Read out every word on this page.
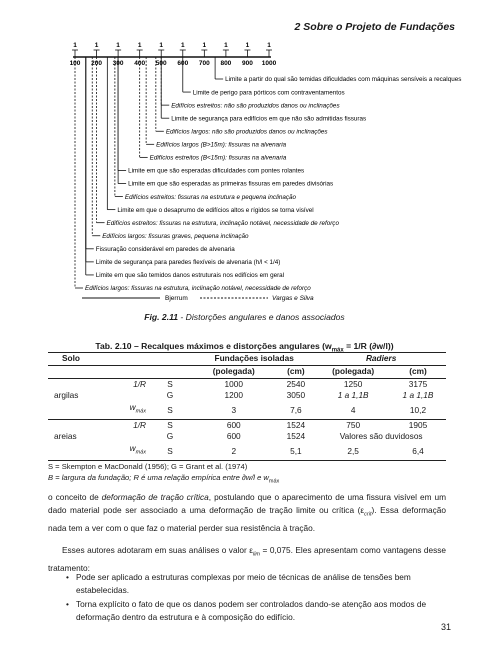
2 Sobre o Projeto de Fundações
1
100
1
200
1
300
1
400
1
500
1
600
1
700
1
800
1
900
1
1000
Limite a partir do qual são temidas dificuldades com máquinas sensíveis a recalques
Limite de perigo para pórticos com contraventamentos
Edifícios estreitos: não são produzidos danos ou inclinações
Limite de segurança para edifícios em que não são admitidas fissuras
Edifícios largos: não são produzidos danos ou inclinações
Edifícios largos (B>15m): fissuras na alvenaria
Edifícios estreitos (B<15m): fissuras na alvenaria
Limite em que são esperadas dificuldades com pontes rolantes
Limite em que são esperadas as primeiras fissuras em paredes divisórias
Edifícios estreitos: fissuras na estrutura e pequena inclinação
Limite em que o desaprumo de edifícios altos e rígidos se torna visível
Edifícios estreitos: fissuras na estrutura, inclinação notável, necessidade de reforço
Edifícios largos: fissuras graves, pequena inclinação
Fissuração considerável em paredes de alvenaria
Limite de segurança para paredes flexíveis de alvenaria (h/l < 1/4)
Limite em que são temidos danos estruturais nos edifícios em geral
Edifícios largos: fissuras na estrutura, inclinação notável, necessidade de reforço
Bjerrum	Vargas e Silva
Fig. 2.11 - Distorções angulares e danos associados
Tab. 2.10 – Recalques máximos e distorções angulares ($w_{máx} = 1/R$ (∂w/l))
Solo			Fundações isoladas		Radiers	
			(polegada)	(cm)	(polegada)	(cm)
	1/R	S	1000	2540	1250	3175
argilas		G	1200	3050	1 a 1,1B	1 a 1,1B
	$w_{máx}$	S	3	7,6	4	10,2
	1/R	S	600	1524	750	1905
areias		G	600	1524	Valores são duvidosos	
	$w_{máx}$	S	2	5,1	2,5	6,4
S = Skempton e MacDonald (1956); G = Grant et al. (1974)
B = largura da fundação; R é uma relação empírica entre ∂w/l e $w_{máx}$
o conceito de deformação de tração crítica, postulando que o aparecimento de uma fissura visível em um dado material pode ser associado a uma deformação de tração limite ou crítica $(\varepsilon_{crit})$. Essa deformação nada tem a ver com o que faz o material perder sua resistência à tração.
Esses autores adotaram em suas análises o valor $\varepsilon_{lim} = 0,075$. Eles apresentam como vantagens desse tratamento:
• Pode ser aplicado a estruturas complexas por meio de técnicas de análise de tensões bem estabelecidas.
• Torna explícito o fato de que os danos podem ser controlados dando-se atenção aos modos de deformação dentro da estrutura e à composição do edifício.
31
